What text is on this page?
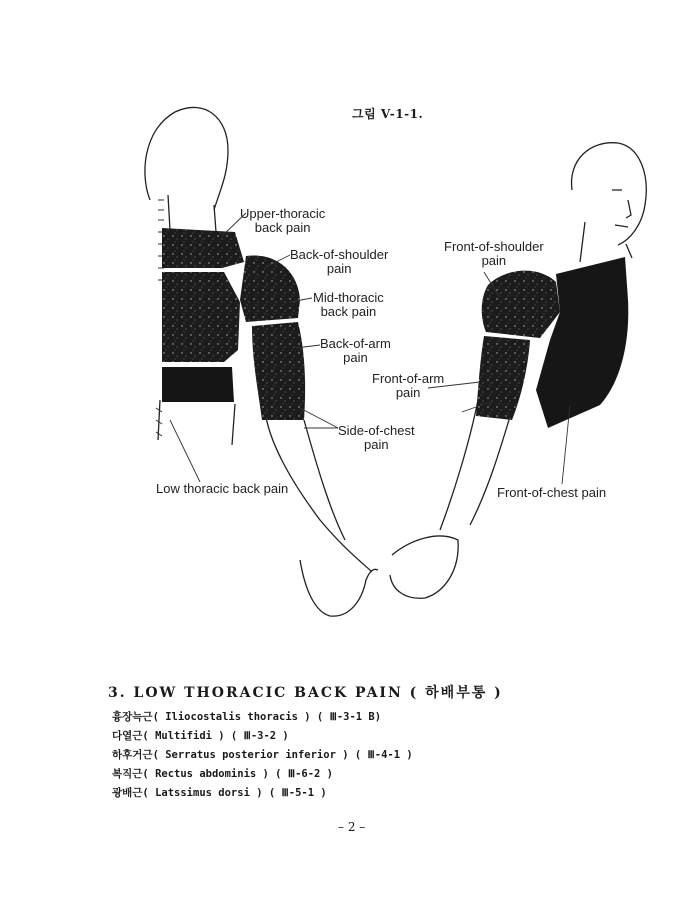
그림 V-1-1.
Upper-thoracic
back pain
Back-of-shoulder
pain
Mid-thoracic
back pain
Back-of-arm
pain
Side-of-chest
pain
Low thoracic back pain
Front-of-shoulder
pain
Front-of-arm
pain
Front-of-chest pain
3. LOW THORACIC BACK PAIN ( 하배부통 )
흉장늑근( Iliocostalis thoracis ) ( Ⅲ-3-1 B)
다열근( Multifidi ) ( Ⅲ-3-2 )
하후거근( Serratus posterior inferior ) ( Ⅲ-4-1 )
복직근( Rectus abdominis ) ( Ⅲ-6-2 )
광배근( Latssimus dorsi ) ( Ⅲ-5-1 )
– 2 –
